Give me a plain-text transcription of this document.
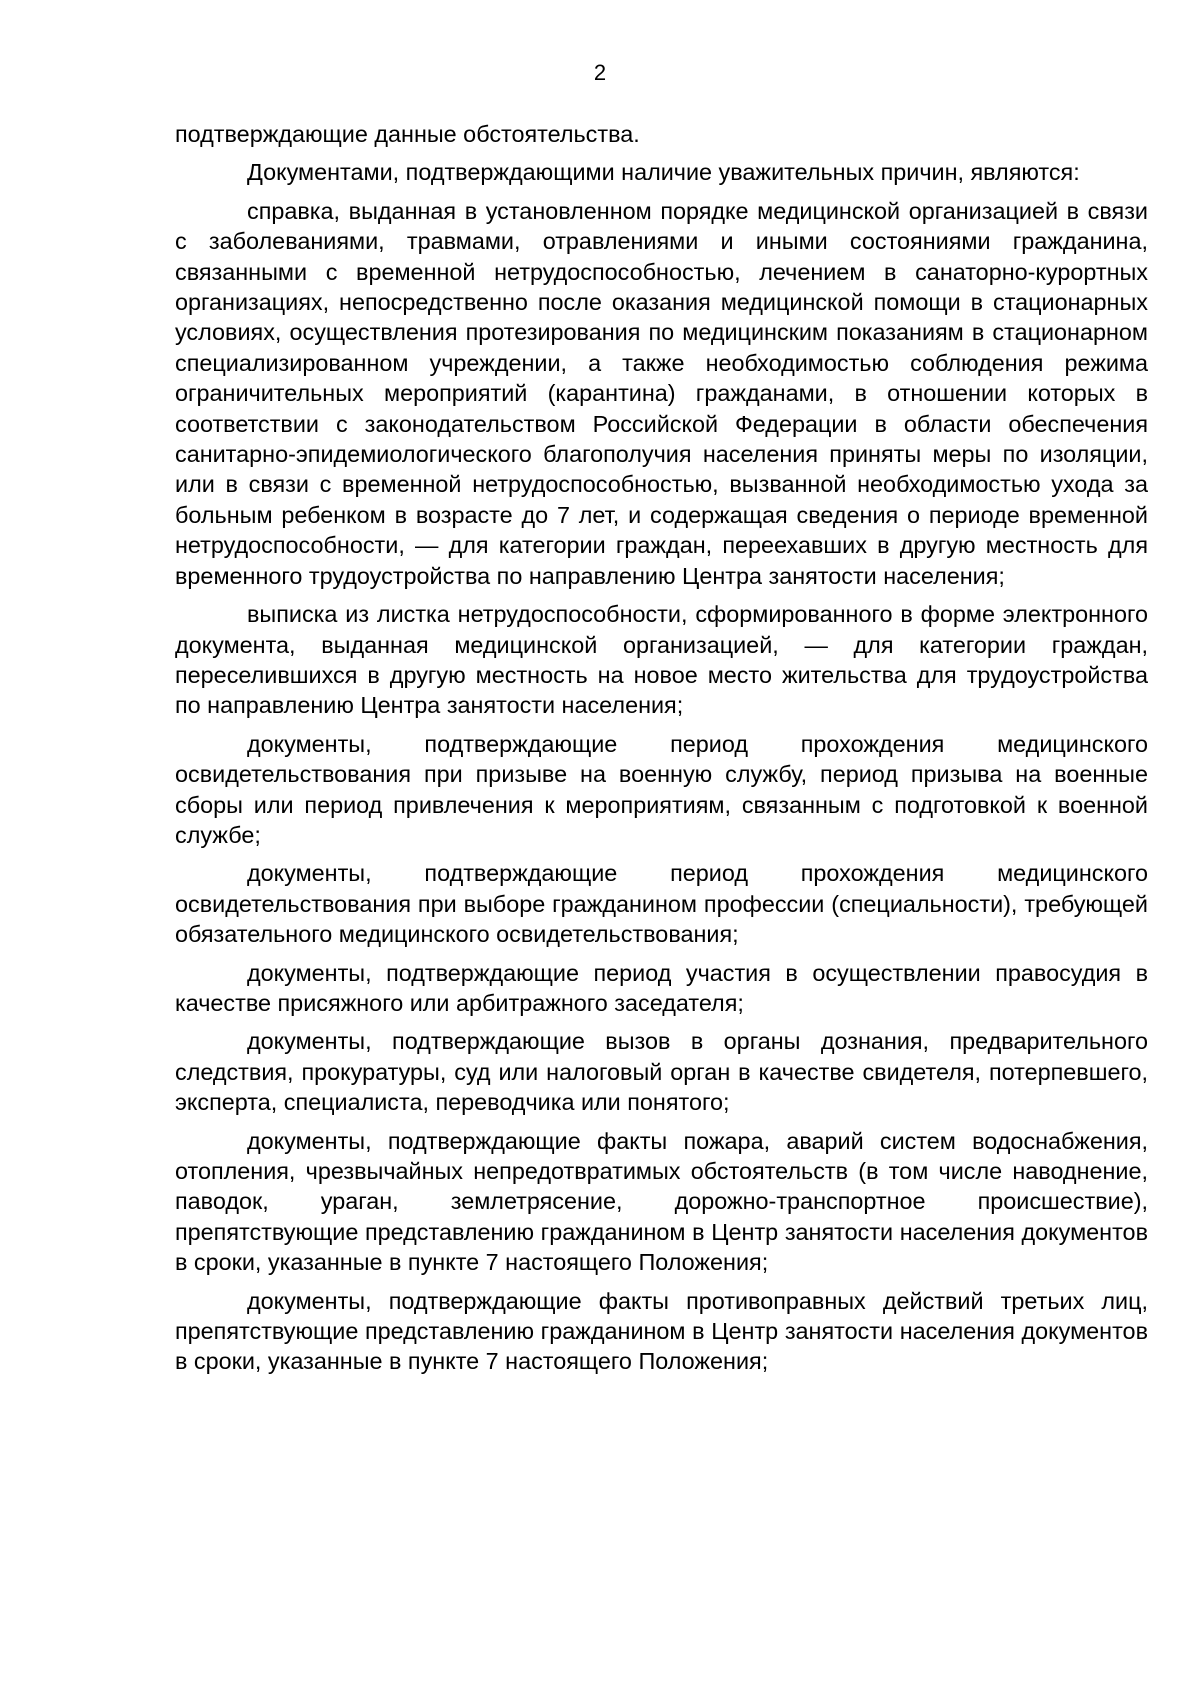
2

подтверждающие данные обстоятельства.

Документами, подтверждающими наличие уважительных причин, являются:

справка, выданная в установленном порядке медицинской организацией в связи с заболеваниями, травмами, отравлениями и иными состояниями гражданина, связанными с временной нетрудоспособностью, лечением в санаторно-курортных организациях, непосредственно после оказания медицинской помощи в стационарных условиях, осуществления протезирования по медицинским показаниям в стационарном специализированном учреждении, а также необходимостью соблюдения режима ограничительных мероприятий (карантина) гражданами, в отношении которых в соответствии с законодательством Российской Федерации в области обеспечения санитарно-эпидемиологического благополучия населения приняты меры по изоляции, или в связи с временной нетрудоспособностью, вызванной необходимостью ухода за больным ребенком в возрасте до 7 лет, и содержащая сведения о периоде временной нетрудоспособности, — для категории граждан, переехавших в другую местность для временного трудоустройства по направлению Центра занятости населения;

выписка из листка нетрудоспособности, сформированного в форме электронного документа, выданная медицинской организацией, — для категории граждан, переселившихся в другую местность на новое место жительства для трудоустройства по направлению Центра занятости населения;

документы, подтверждающие период прохождения медицинского освидетельствования при призыве на военную службу, период призыва на военные сборы или период привлечения к мероприятиям, связанным с подготовкой к военной службе;

документы, подтверждающие период прохождения медицинского освидетельствования при выборе гражданином профессии (специальности), требующей обязательного медицинского освидетельствования;

документы, подтверждающие период участия в осуществлении правосудия в качестве присяжного или арбитражного заседателя;

документы, подтверждающие вызов в органы дознания, предварительного следствия, прокуратуры, суд или налоговый орган в качестве свидетеля, потерпевшего, эксперта, специалиста, переводчика или понятого;

документы, подтверждающие факты пожара, аварий систем водоснабжения, отопления, чрезвычайных непредотвратимых обстоятельств (в том числе наводнение, паводок, ураган, землетрясение, дорожно-транспортное происшествие), препятствующие представлению гражданином в Центр занятости населения документов в сроки, указанные в пункте 7 настоящего Положения;

документы, подтверждающие факты противоправных действий третьих лиц, препятствующие представлению гражданином в Центр занятости населения документов в сроки, указанные в пункте 7 настоящего Положения;
